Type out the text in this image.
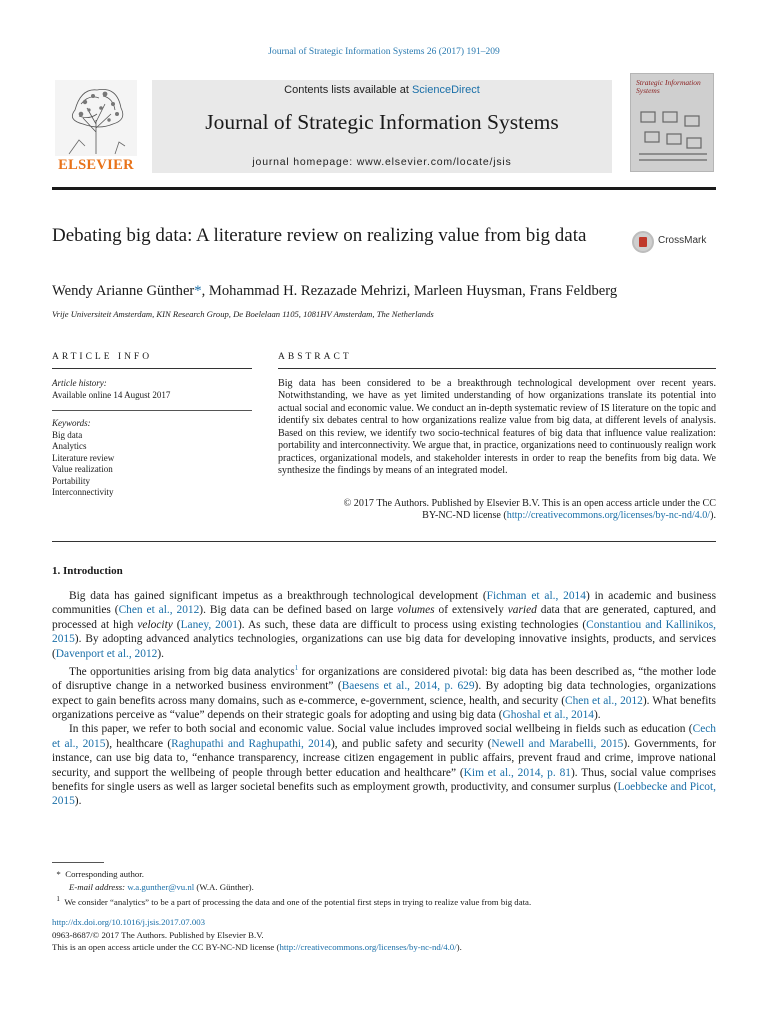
Journal of Strategic Information Systems 26 (2017) 191–209
ELSEVIER
Contents lists available at ScienceDirect
Journal of Strategic Information Systems
journal homepage: www.elsevier.com/locate/jsis
Strategic Information Systems
Debating big data: A literature review on realizing value from big data	CrossMark
Wendy Arianne Günther*, Mohammad H. Rezazade Mehrizi, Marleen Huysman, Frans Feldberg
Vrije Universiteit Amsterdam, KIN Research Group, De Boelelaan 1105, 1081HV Amsterdam, The Netherlands
ARTICLE INFO	ABSTRACT
Article history:
Available online 14 August 2017
Keywords:
Big data
Analytics
Literature review
Value realization
Portability
Interconnectivity
Big data has been considered to be a breakthrough technological development over recent years. Notwithstanding, we have as yet limited understanding of how organizations translate its potential into actual social and economic value. We conduct an in-depth systematic review of IS literature on the topic and identify six debates central to how organizations realize value from big data, at different levels of analysis. Based on this review, we identify two socio-technical features of big data that influence value realization: portability and interconnectivity. We argue that, in practice, organizations need to continuously realign work practices, organizational models, and stakeholder interests in order to reap the benefits from big data. We synthesize the findings by means of an integrated model.
© 2017 The Authors. Published by Elsevier B.V. This is an open access article under the CC
BY-NC-ND license (http://creativecommons.org/licenses/by-nc-nd/4.0/).
1. Introduction

Big data has gained significant impetus as a breakthrough technological development (Fichman et al., 2014) in academic and business communities (Chen et al., 2012). Big data can be defined based on large volumes of extensively varied data that are generated, captured, and processed at high velocity (Laney, 2001). As such, these data are difficult to process using existing technologies (Constantiou and Kallinikos, 2015). By adopting advanced analytics technologies, organizations can use big data for developing innovative insights, products, and services (Davenport et al., 2012).

The opportunities arising from big data analytics$^1$ for organizations are considered pivotal: big data has been described as, “the mother lode of disruptive change in a networked business environment” (Baesens et al., 2014, p. 629). By adopting big data technologies, organizations expect to gain benefits across many domains, such as e-commerce, e-government, science, health, and security (Chen et al., 2012). What benefits organizations perceive as “value” depends on their strategic goals for adopting and using big data (Ghoshal et al., 2014).

In this paper, we refer to both social and economic value. Social value includes improved social wellbeing in fields such as education (Cech et al., 2015), healthcare (Raghupathi and Raghupathi, 2014), and public safety and security (Newell and Marabelli, 2015). Governments, for instance, can use big data to, “enhance transparency, increase citizen engagement in public affairs, prevent fraud and crime, improve national security, and support the wellbeing of people through better education and healthcare” (Kim et al., 2014, p. 81). Thus, social value comprises benefits for single users as well as larger societal benefits such as employment growth, productivity, and consumer surplus (Loebbecke and Picot, 2015).

* Corresponding author.
E-mail address: w.a.gunther@vu.nl (W.A. Günther).
$^1$ We consider “analytics” to be a part of processing the data and one of the potential first steps in trying to realize value from big data.
http://dx.doi.org/10.1016/j.jsis.2017.07.003
0963-8687/© 2017 The Authors. Published by Elsevier B.V.
This is an open access article under the CC BY-NC-ND license (http://creativecommons.org/licenses/by-nc-nd/4.0/).
